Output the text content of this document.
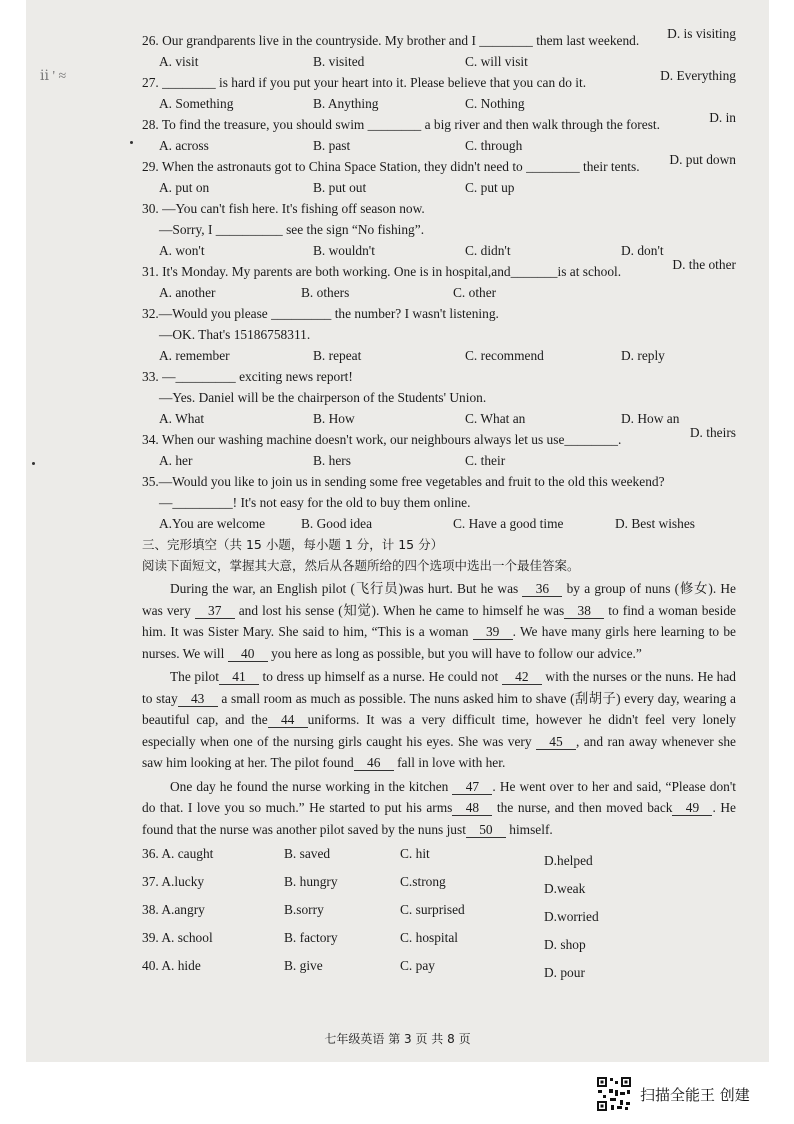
ⅱ ' ≈
26. Our grandparents live in the countryside. My brother and I ________ them last weekend. D. is visiting
A. visit	B. visited	C. will visit
27. ________ is hard if you put your heart into it. Please believe that you can do it.	D. Everything
A. Something	B. Anything	C. Nothing
28. To find the treasure, you should swim ________ a big river and then walk through the forest.	D. in
A. across	B. past	C. through
29. When the astronauts got to China Space Station, they didn't need to ________ their tents. D. put down
A. put on	B. put out	C. put up
30. —You can't fish here. It's fishing off season now.
—Sorry, I __________ see the sign “No fishing”.
A. won't	B. wouldn't	C. didn't	D. don't
31. It's Monday. My parents are both working. One is in hospital,and_______is at school.	D. the other
A. another	B. others	C. other
32.—Would you please _________ the number? I wasn't listening.
—OK. That's 15186758311.
A. remember	B. repeat	C. recommend	D. reply
33. —_________ exciting news report!
—Yes. Daniel will be the chairperson of the Students' Union.
A. What	B. How	C. What an	D. How an
34. When our washing machine doesn't work, our neighbours always let us use________.	D. theirs
A. her	B. hers	C. their
35.—Would you like to join us in sending some free vegetables and fruit to the old this weekend?
—_________! It's not easy for the old to buy them online.
A.You are welcome	B. Good idea	C. Have a good time	D. Best wishes
三、完形填空（共 15 小题，每小题 1 分，计 15 分）
阅读下面短文，掌握其大意，然后从各题所给的四个选项中选出一个最佳答案。
During the war, an English pilot (飞行员)was hurt. But he was 36 by a group of nuns (修女). He was very 37 and lost his sense (知觉). When he came to himself he was 38 to find a woman beside him. It was Sister Mary. She said to him, “This is a woman 39 . We have many girls here learning to be nurses. We will 40 you here as long as possible, but you will have to follow our advice.”
The pilot 41 to dress up himself as a nurse. He could not 42 with the nurses or the nuns. He had to stay 43 a small room as much as possible. The nuns asked him to shave (刮胡子) every day, wearing a beautiful cap, and the 44 uniforms. It was a very difficult time, however he didn't feel very lonely especially when one of the nursing girls caught his eyes. She was very 45 , and ran away whenever she saw him looking at her. The pilot found 46 fall in love with her.
One day he found the nurse working in the kitchen 47 . He went over to her and said, “Please don't do that. I love you so much.” He started to put his arms 48 the nurse, and then moved back 49 . He found that the nurse was another pilot saved by the nuns just 50 himself.
36. A. caught	B. saved	C. hit	D.helped
37. A.lucky	B. hungry	C.strong	D.weak
38. A.angry	B.sorry	C. surprised	D.worried
39. A. school	B. factory	C. hospital	D. shop
40. A. hide	B. give	C. pay	D. pour
七年级英语 第 3 页 共 8 页
扫描全能王 创建
